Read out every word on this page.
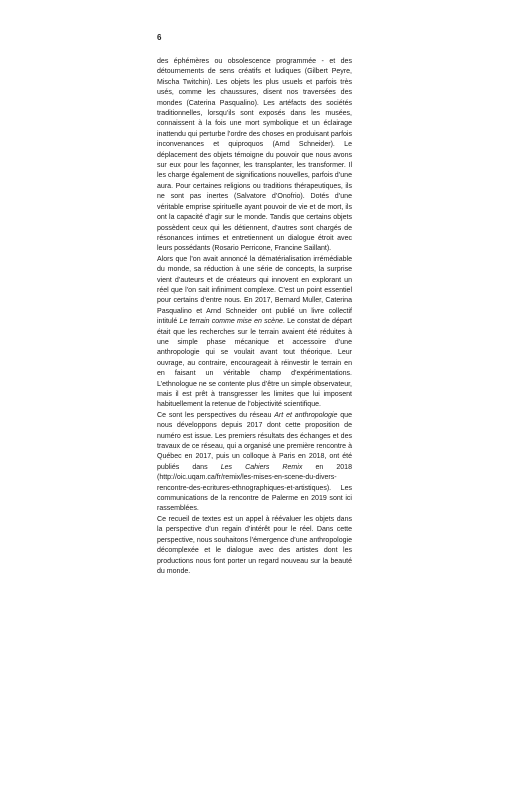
6

des éphémères ou obsolescence programmée - et des détournements de sens créatifs et ludiques (Gilbert Peyre, Mischa Twitchin). Les objets les plus usuels et parfois très usés, comme les chaussures, disent nos traversées des mondes (Caterina Pasqualino). Les artéfacts des sociétés traditionnelles, lorsqu’ils sont exposés dans les musées, connaissent à la fois une mort symbolique et un éclairage inattendu qui perturbe l’ordre des choses en produisant parfois inconvenances et quiproquos (Arnd Schneider). Le déplacement des objets témoigne du pouvoir que nous avons sur eux pour les façonner, les transplanter, les transformer. Il les charge également de significations nouvelles, parfois d’une aura. Pour certaines religions ou traditions thérapeutiques, ils ne sont pas inertes (Salvatore d’Onofrio). Dotés d’une véritable emprise spirituelle ayant pouvoir de vie et de mort, ils ont la capacité d’agir sur le monde. Tandis que certains objets possèdent ceux qui les détiennent, d’autres sont chargés de résonances intimes et entretiennent un dialogue étroit avec leurs possédants (Rosario Perricone, Francine Saillant).

Alors que l’on avait annoncé la dématérialisation irrémédiable du monde, sa réduction à une série de concepts, la surprise vient d’auteurs et de créateurs qui innovent en explorant un réel que l’on sait infiniment complexe. C’est un point essentiel pour certains d’entre nous. En 2017, Bernard Muller, Caterina Pasqualino et Arnd Schneider ont publié un livre collectif intitulé Le terrain comme mise en scène. Le constat de départ était que les recherches sur le terrain avaient été réduites à une simple phase mécanique et accessoire d’une anthropologie qui se voulait avant tout théorique. Leur ouvrage, au contraire, encourageait à réinvestir le terrain en en faisant un véritable champ d’expérimentations. L’ethnologue ne se contente plus d’être un simple observateur, mais il est prêt à transgresser les limites que lui imposent habituellement la retenue de l’objectivité scientifique.

Ce sont les perspectives du réseau Art et anthropologie que nous développons depuis 2017 dont cette proposition de numéro est issue. Les premiers résultats des échanges et des travaux de ce réseau, qui a organisé une première rencontre à Québec en 2017, puis un colloque à Paris en 2018, ont été publiés dans Les Cahiers Remix en 2018 (http://oic.uqam.ca/fr/remix/les-mises-en-scene-du-divers-rencontre-des-ecritures-ethnographiques-et-artistiques). Les communications de la rencontre de Palerme en 2019 sont ici rassemblées.

Ce recueil de textes est un appel à réévaluer les objets dans la perspective d’un regain d’intérêt pour le réel. Dans cette perspective, nous souhaitons l’émergence d’une anthropologie décomplexée et le dialogue avec des artistes dont les productions nous font porter un regard nouveau sur la beauté du monde.
